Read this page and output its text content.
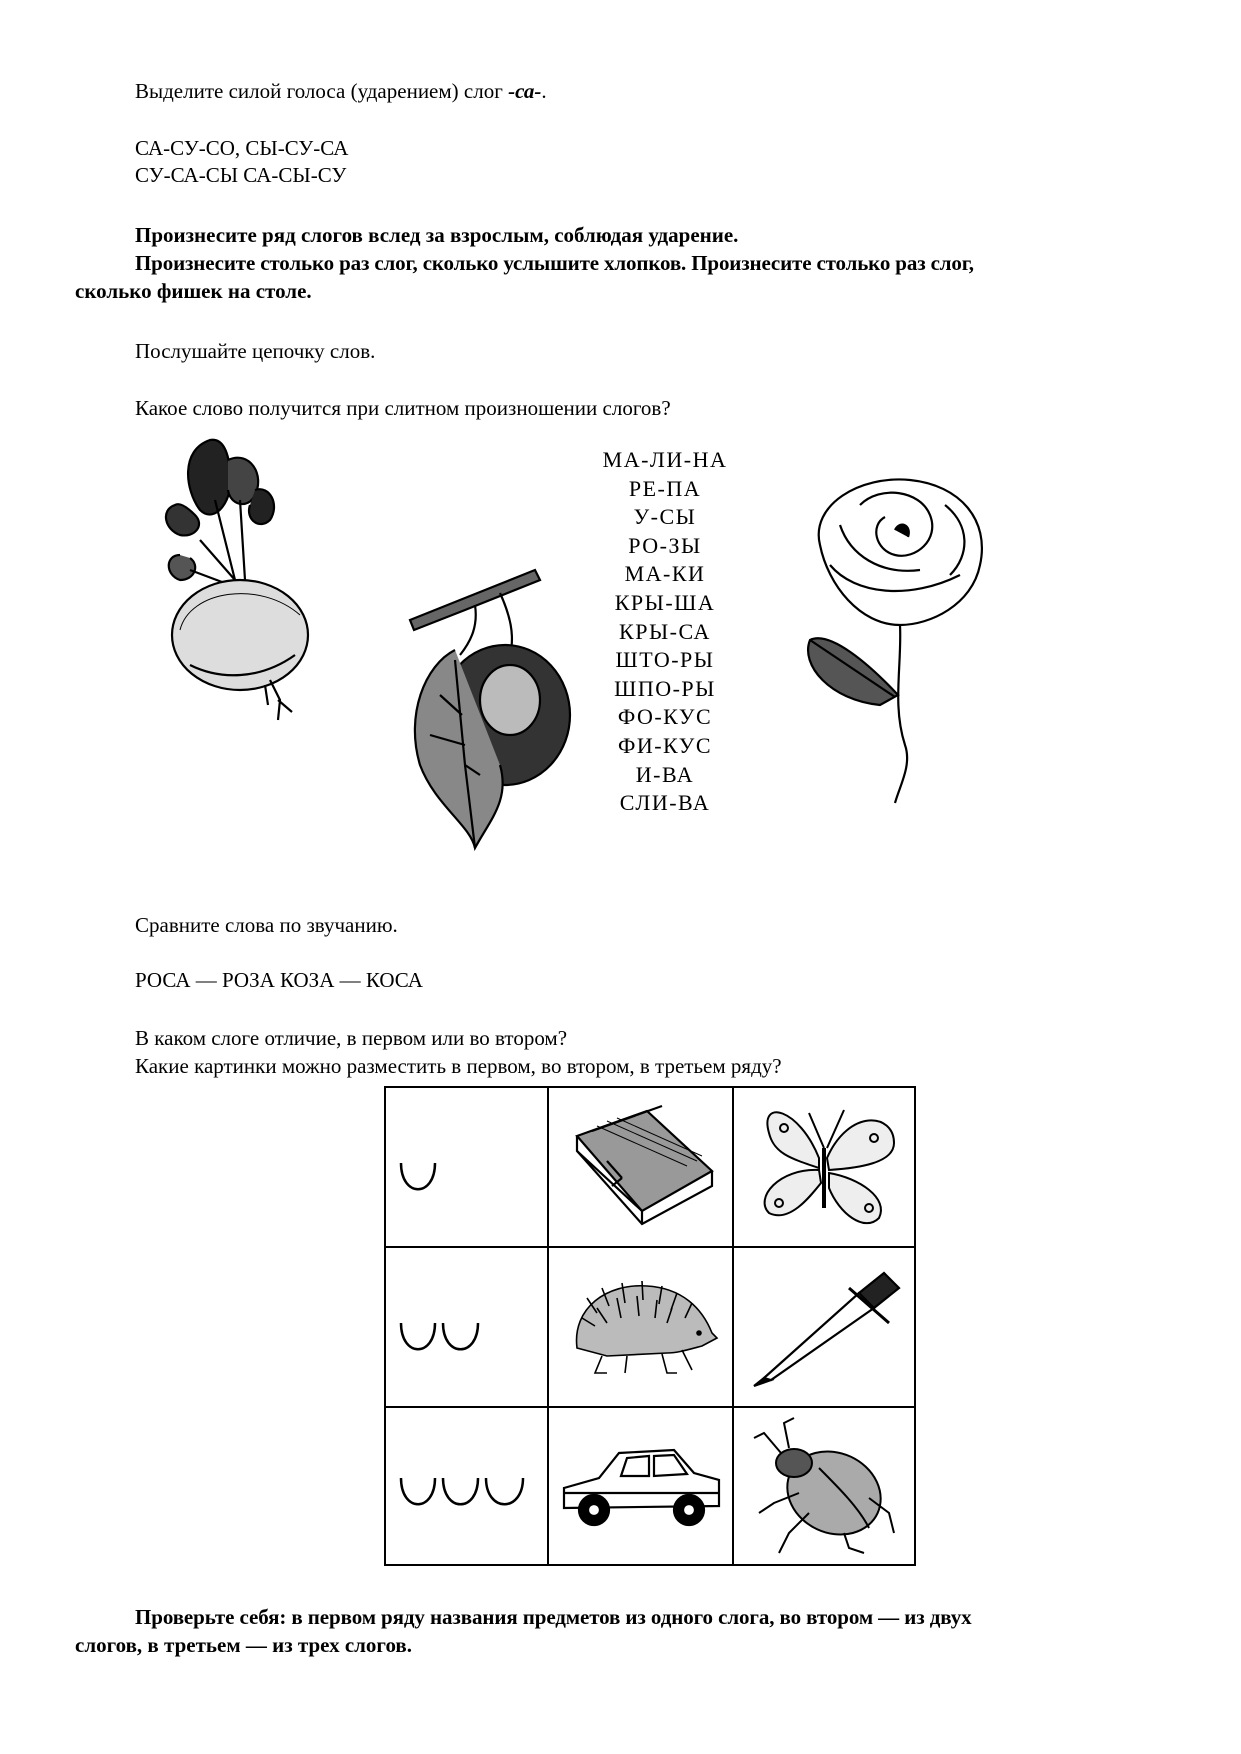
Выделите силой голоса (ударением) слог -са-.
СА-СУ-СО, СЫ-СУ-СА
СУ-СА-СЫ СА-СЫ-СУ
Произнесите ряд слогов вслед за взрослым, соблюдая ударение.
Произнесите столько раз слог, сколько услышите хлопков. Произнесите столько раз слог,
сколько фишек на столе.
Послушайте цепочку слов.
Какое слово получится при слитном произношении слогов?
МА-ЛИ-НА
РЕ-ПА
У-СЫ
РО-ЗЫ
МА-КИ
КРЫ-ША
КРЫ-СА
ШТО-РЫ
ШПО-РЫ
ФО-КУС
ФИ-КУС
И-ВА
СЛИ-ВА
Сравните слова по звучанию.
РОСА — РОЗА КОЗА — КОСА
В каком слоге отличие, в первом или во втором?
Какие картинки можно разместить в первом, во втором, в третьем ряду?
Проверьте себя: в первом ряду названия предметов из одного слога, во втором — из двух
слогов, в третьем — из трех слогов.
